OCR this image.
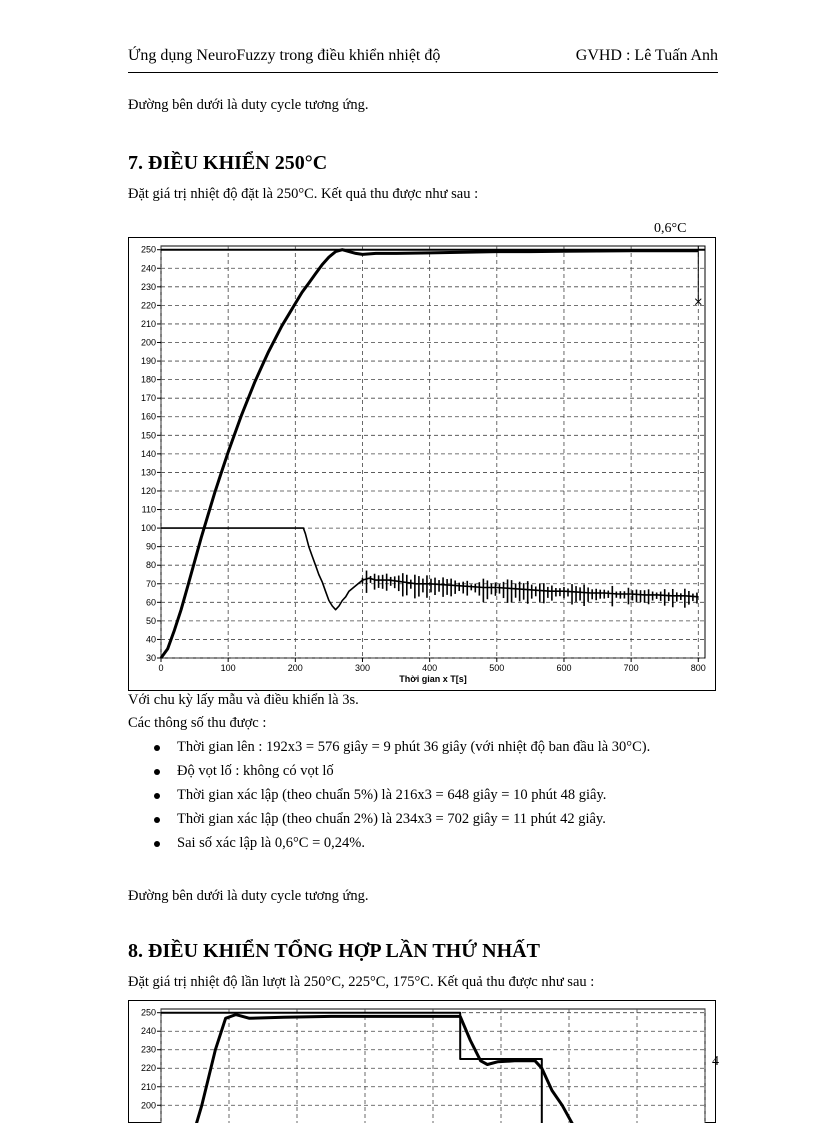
Ứng dụng NeuroFuzzy trong điều khiển nhiệt độ	GVHD : Lê Tuấn Anh
Đường bên dưới là duty cycle tương ứng.
7. ĐIỀU KHIỂN 250°C
Đặt giá trị nhiệt độ đặt là 250°C. Kết quả thu được như sau :
0,6°C
30
40
50
60
70
80
90
100
110
120
130
140
150
160
170
180
190
200
210
220
230
240
250
0	100	200	300	400	500	600	700	800
Thời gian x T[s]
Với chu kỳ lấy mẫu và điều khiển là 3s.
Các thông số thu được :
Thời gian lên : 192x3 = 576 giây = 9 phút 36 giây (với nhiệt độ ban đầu là 30°C).
Độ vọt lố : không có vọt lố
Thời gian xác lập (theo chuẩn 5%) là 216x3 = 648 giây = 10 phút 48 giây.
Thời gian xác lập (theo chuẩn 2%) là 234x3 = 702 giây = 11 phút 42 giây.
Sai số xác lập là 0,6°C = 0,24%.
Đường bên dưới là duty cycle tương ứng.
8. ĐIỀU KHIỂN TỔNG HỢP LẦN THỨ NHẤT
Đặt giá trị nhiệt độ lần lượt là 250°C, 225°C, 175°C. Kết quả thu được như sau :
200
210
220
230
240
250
4
